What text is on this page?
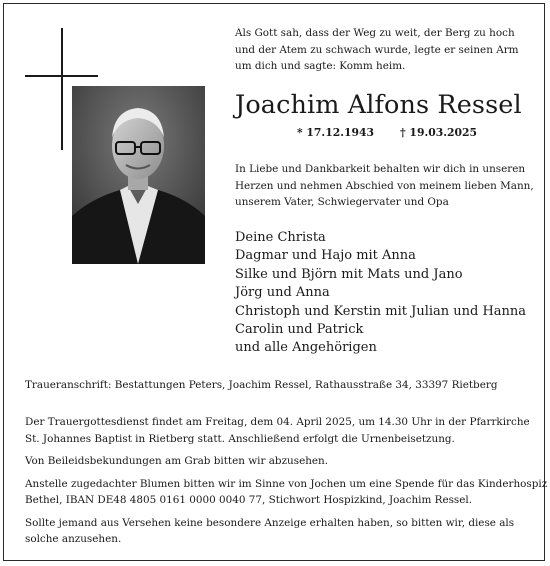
Als Gott sah, dass der Weg zu weit, der Berg zu hoch
und der Atem zu schwach wurde, legte er seinen Arm
um dich und sagte: Komm heim.
Joachim Alfons Ressel
* 17.12.1943 † 19.03.2025
In Liebe und Dankbarkeit behalten wir dich in unseren
Herzen und nehmen Abschied von meinem lieben Mann,
unserem Vater, Schwiegervater und Opa
Deine Christa
Dagmar und Hajo mit Anna
Silke und Björn mit Mats und Jano
Jörg und Anna
Christoph und Kerstin mit Julian und Hanna
Carolin und Patrick
und alle Angehörigen
Traueranschrift: Bestattungen Peters, Joachim Ressel, Rathausstraße 34, 33397 Rietberg

Der Trauergottesdienst findet am Freitag, dem 04. April 2025, um 14.30 Uhr in der Pfarrkirche
St. Johannes Baptist in Rietberg statt. Anschließend erfolgt die Urnenbeisetzung.

Von Beileidsbekundungen am Grab bitten wir abzusehen.

Anstelle zugedachter Blumen bitten wir im Sinne von Jochen um eine Spende für das Kinderhospiz
Bethel, IBAN DE48 4805 0161 0000 0040 77, Stichwort Hospizkind, Joachim Ressel.

Sollte jemand aus Versehen keine besondere Anzeige erhalten haben, so bitten wir, diese als
solche anzusehen.
